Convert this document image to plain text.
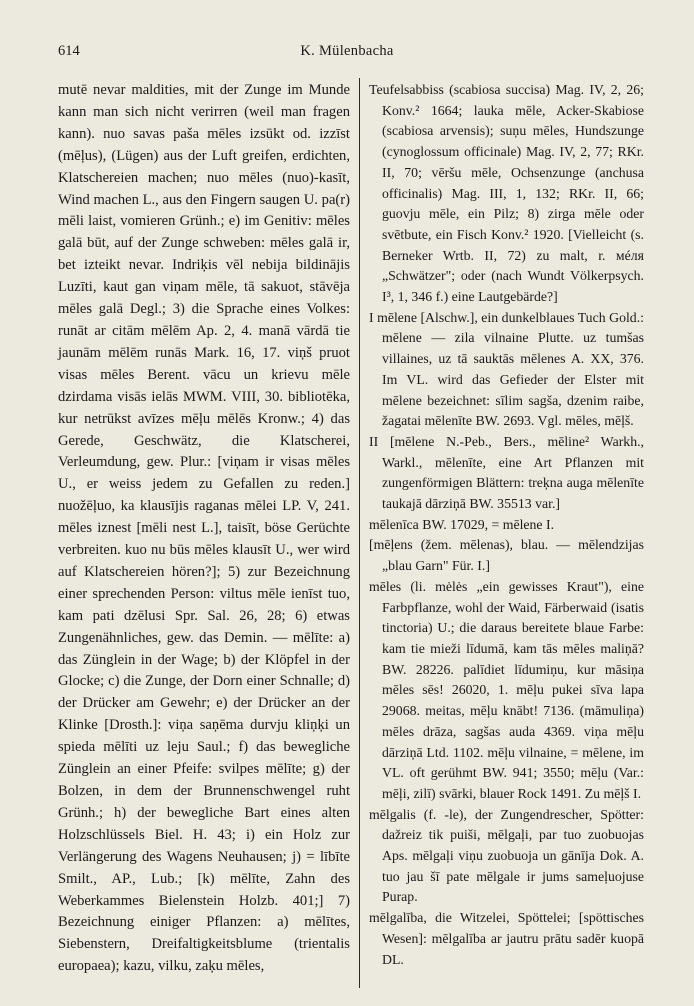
614	K. Mülenbacha

mutē nevar maldities, mit der Zunge im Munde kann man sich nicht verirren (weil man fragen kann). nuo savas paša mēles izsūkt od. izzīst (mēļus), (Lügen) aus der Luft greifen, erdichten, Klatschereien machen; nuo mēles (nuo)-kasīt, Wind machen L., aus den Fingern saugen U. pa(r) mēli laist, vomieren Grünh.; e) im Genitiv: mēles galā būt, auf der Zunge schweben: mēles galā ir, bet izteikt nevar. Indriķis vēl nebija bildinājis Luzīti, kaut gan viņam mēle, tā sakuot, stāvēja mēles galā Degl.; 3) die Sprache eines Volkes: runāt ar citām mēlēm Ap. 2, 4. manā vārdā tie jaunām mēlēm runās Mark. 16, 17. viņš pruot visas mēles Berent. vācu un krievu mēle dzirdama visās ielās MWM. VIII, 30. bibliotēka, kur netrūkst avīzes mēļu mēlēs Kronw.; 4) das Gerede, Geschwätz, die Klatscherei, Verleumdung, gew. Plur.: [viņam ir visas mēles U., er weiss jedem zu Gefallen zu reden.] nuožēļuo, ka klausījis raganas mēlei LP. V, 241. mēles iznest [mēli nest L.], taisīt, böse Gerüchte verbreiten. kuo nu būs mēles klausīt U., wer wird auf Klatschereien hören?]; 5) zur Bezeichnung einer sprechenden Person: viltus mēle ienīst tuo, kam pati dzēlusi Spr. Sal. 26, 28; 6) etwas Zungenähnliches, gew. das Demin. — mēlīte: a) das Zünglein in der Wage; b) der Klöpfel in der Glocke; c) die Zunge, der Dorn einer Schnalle; d) der Drücker am Gewehr; e) der Drücker an der Klinke [Drosth.]: viņa saņēma durvju kliņķi un spieda mēlīti uz leju Saul.; f) das bewegliche Zünglein an einer Pfeife: svilpes mēlīte; g) der Bolzen, in dem der Brunnenschwengel ruht Grünh.; h) der bewegliche Bart eines alten Holzschlüssels Biel. H. 43; i) ein Holz zur Verlängerung des Wagens Neuhausen; j) = lībīte Smilt., AP., Lub.; [k) mēlīte, Zahn des Weberkammes Bielenstein Holzb. 401;] 7) Bezeichnung einiger Pflanzen: a) mēlītes, Siebenstern, Dreifaltigkeitsblume (trientalis europaea); kazu, vilku, zaķu mēles,

Teufelsabbiss (scabiosa succisa) Mag. IV, 2, 26; Konv.² 1664; lauka mēle, Acker-Skabiose (scabiosa arvensis); suņu mēles, Hundszunge (cynoglossum officinale) Mag. IV, 2, 77; RKr. II, 70; vēršu mēle, Ochsenzunge (anchusa officinalis) Mag. III, 1, 132; RKr. II, 66; guovju mēle, ein Pilz; 8) zirga mēle oder svētbute, ein Fisch Konv.² 1920. [Vielleicht (s. Berneker Wrtb. II, 72) zu malt, r. мéля „Schwätzer"; oder (nach Wundt Völkerpsych. I³, 1, 346 f.) eine Lautgebärde?]

I mēlene [Alschw.], ein dunkelblaues Tuch Gold.: mēlene — zila vilnaine Plutte. uz tumšas villaines, uz tā sauktās mēlenes A. XX, 376. Im VL. wird das Gefieder der Elster mit mēlene bezeichnet: sīlim sagša, dzenim raibe, žagatai mēlenīte BW. 2693. Vgl. mēles, mēļš.

II [mēlene N.-Peb., Bers., mēline² Warkh., Warkl., mēlenīte, eine Art Pflanzen mit zungenförmigen Blättern: treķna auga mēlenīte taukajā dārziņā BW. 35513 var.]

mēlenīca BW. 17029, = mēlene I.

[mēļens (žem. mēlenas), blau. — mēlendzijas „blau Garn" Für. I.]

mēles (li. mėlės „ein gewisses Kraut"), eine Farbpflanze, wohl der Waid, Färberwaid (isatis tinctoria) U.; die daraus bereitete blaue Farbe: kam tie mieži līdumā, kam tās mēles maliņā? BW. 28226. palīdiet līdumiņu, kur māsiņa mēles sēs! 26020, 1. mēļu pukei sīva lapa 29068. meitas, mēļu knābt! 7136. (māmuliņa) mēles drāza, sagšas auda 4369. viņa mēļu dārziņā Ltd. 1102. mēļu vilnaine, = mēlene, im VL. oft gerühmt BW. 941; 3550; mēļu (Var.: mēļi, zilī) svārki, blauer Rock 1491. Zu mēļš I.

mēlgalis (f. -le), der Zungendrescher, Spötter: dažreiz tik puiši, mēlgaļi, par tuo zuobuojas Aps. mēlgaļi viņu zuobuoja un gānīja Dok. A. tuo jau šī pate mēlgale ir jums sameļuojuse Purap.

mēlgalība, die Witzelei, Spöttelei; [spöttisches Wesen]: mēlgalība ar jautru prātu sadēr kuopā DL.
